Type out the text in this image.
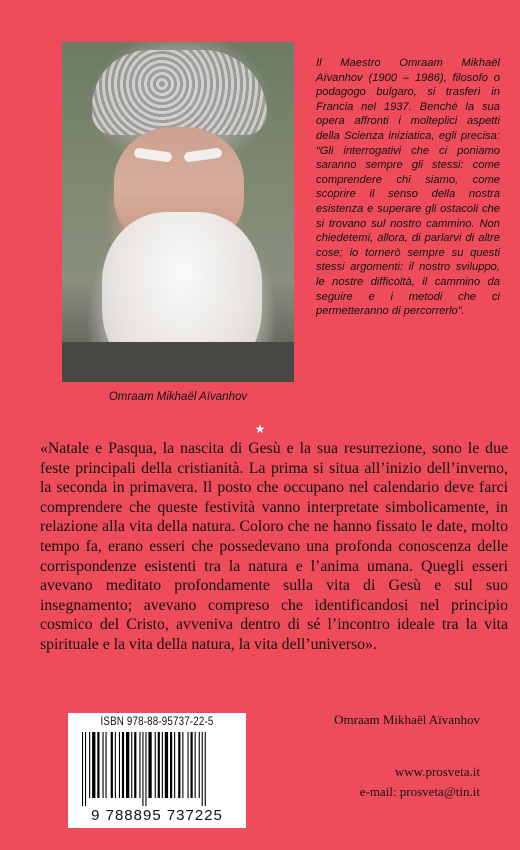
Omraam Mikhaël Aïvanhov
Il Maestro Omraam Mikhaël Aïvanhov (1900 – 1986), filosofo o podagogo bulgaro, si trasferì in Francia nel 1937. Benché la sua opera affronti i molteplici aspetti della Scienza iniziatica, egli precisa: “Gli interrogativi che ci poniamo saranno sempre gli stessi: come comprendere chi siamo, come scoprire il senso della nostra esistenza e superare gli ostacoli che si trovano sul nostro cammino. Non chiedetemi, allora, di parlarvi di altre cose; io tornerò sempre su questi stessi argomenti: il nostro sviluppo, le nostre difficoltà, il cammino da seguire e i metodi che ci permetteranno di percorrerlo”.
★
«Natale e Pasqua, la nascita di Gesù e la sua resurrezione, sono le due feste principali della cristianità. La prima si situa all’inizio dell’inverno, la seconda in primavera. Il posto che occupano nel calendario deve farci comprendere che queste festività vanno interpretate simbolicamente, in relazione alla vita della natura. Coloro che ne hanno fissato le date, molto tempo fa, erano esseri che possedevano una profonda conoscenza delle corrispondenze esistenti tra la natura e l’anima umana. Quegli esseri avevano meditato profondamente sulla vita di Gesù e sul suo insegnamento; avevano compreso che identificandosi nel principio cosmico del Cristo, avveniva dentro di sé l’incontro ideale tra la vita spirituale e la vita della natura, la vita dell’universo».
Omraam Mikhaël Aïvanhov
ISBN 978-88-95737-22-5
9 788895 737225
www.prosveta.it
e-mail: prosveta@tin.it
